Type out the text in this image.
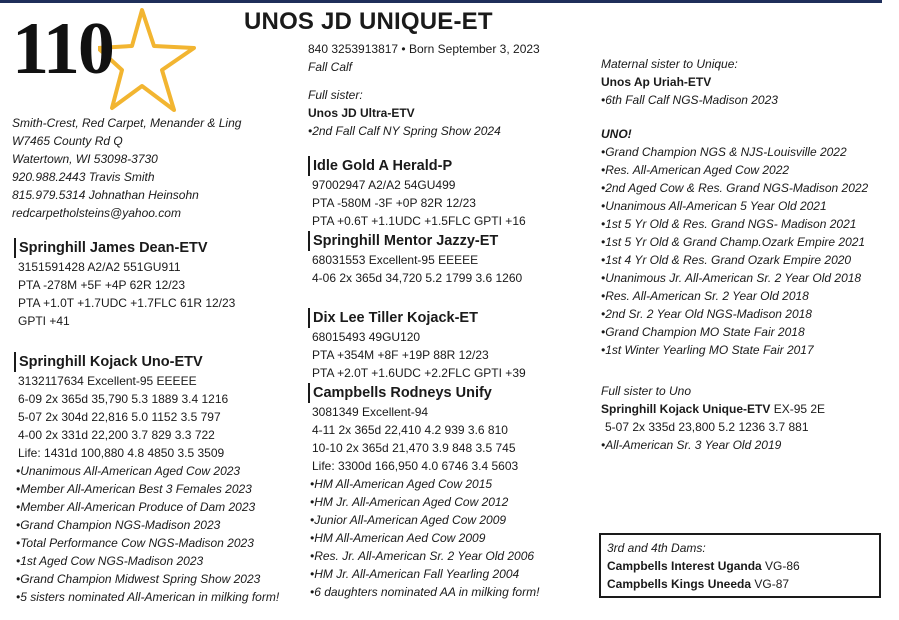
110	UNOS JD UNIQUE-ET
Smith-Crest, Red Carpet, Menander & Ling
W7465 County Rd Q
Watertown, WI 53098-3730
920.988.2443 Travis Smith
815.979.5314 Johnathan Heinsohn
redcarpetholsteins@yahoo.com
Springhill James Dean-ETV
3151591428 A2/A2 551GU911
PTA -278M +5F +4P 62R 12/23
PTA +1.0T +1.7UDC +1.7FLC 61R 12/23
GPTI +41
Springhill Kojack Uno-ETV
3132117634 Excellent-95 EEEEE
6-09 2x 365d 35,790 5.3 1889 3.4 1216
5-07 2x 304d 22,816 5.0 1152 3.5 797
4-00 2x 331d 22,200 3.7 829 3.3 722
Life: 1431d 100,880 4.8 4850 3.5 3509
•Unanimous All-American Aged Cow 2023
•Member All-American Best 3 Females 2023
•Member All-American Produce of Dam 2023
•Grand Champion NGS-Madison 2023
•Total Performance Cow NGS-Madison 2023
•1st Aged Cow NGS-Madison 2023
•Grand Champion Midwest Spring Show 2023
•5 sisters nominated All-American in milking form!
840 3253913817 • Born September 3, 2023
Fall Calf
Full sister:
Unos JD Ultra-ETV
•2nd Fall Calf NY Spring Show 2024
Idle Gold A Herald-P
97002947 A2/A2 54GU499
PTA -580M -3F +0P 82R 12/23
PTA +0.6T +1.1UDC +1.5FLC GPTI +16
Springhill Mentor Jazzy-ET
68031553 Excellent-95 EEEEE
4-06 2x 365d 34,720 5.2 1799 3.6 1260
Dix Lee Tiller Kojack-ET
68015493 49GU120
PTA +354M +8F +19P 88R 12/23
PTA +2.0T +1.6UDC +2.2FLC GPTI +39
Campbells Rodneys Unify
3081349 Excellent-94
4-11 2x 365d 22,410 4.2 939 3.6 810
10-10 2x 365d 21,470 3.9 848 3.5 745
Life: 3300d 166,950 4.0 6746 3.4 5603
•HM All-American Aged Cow 2015
•HM Jr. All-American Aged Cow 2012
•Junior All-American Aged Cow 2009
•HM All-American Aed Cow 2009
•Res. Jr. All-American Sr. 2 Year Old 2006
•HM Jr. All-American Fall Yearling 2004
•6 daughters nominated AA in milking form!
Maternal sister to Unique:
Unos Ap Uriah-ETV
•6th Fall Calf NGS-Madison 2023
UNO!
•Grand Champion NGS & NJS-Louisville 2022
•Res. All-American Aged Cow 2022
•2nd Aged Cow & Res. Grand NGS-Madison 2022
•Unanimous All-American 5 Year Old 2021
•1st 5 Yr Old & Res. Grand NGS- Madison 2021
•1st 5 Yr Old & Grand Champ.Ozark Empire 2021
•1st 4 Yr Old & Res. Grand Ozark Empire 2020
•Unanimous Jr. All-American Sr. 2 Year Old 2018
•Res. All-American Sr. 2 Year Old 2018
•2nd Sr. 2 Year Old NGS-Madison 2018
•Grand Champion MO State Fair 2018
•1st Winter Yearling MO State Fair 2017
Full sister to Uno
Springhill Kojack Unique-ETV EX-95 2E
5-07 2x 335d 23,800 5.2 1236 3.7 881
•All-American Sr. 3 Year Old 2019
3rd and 4th Dams:
Campbells Interest Uganda VG-86
Campbells Kings Uneeda VG-87
